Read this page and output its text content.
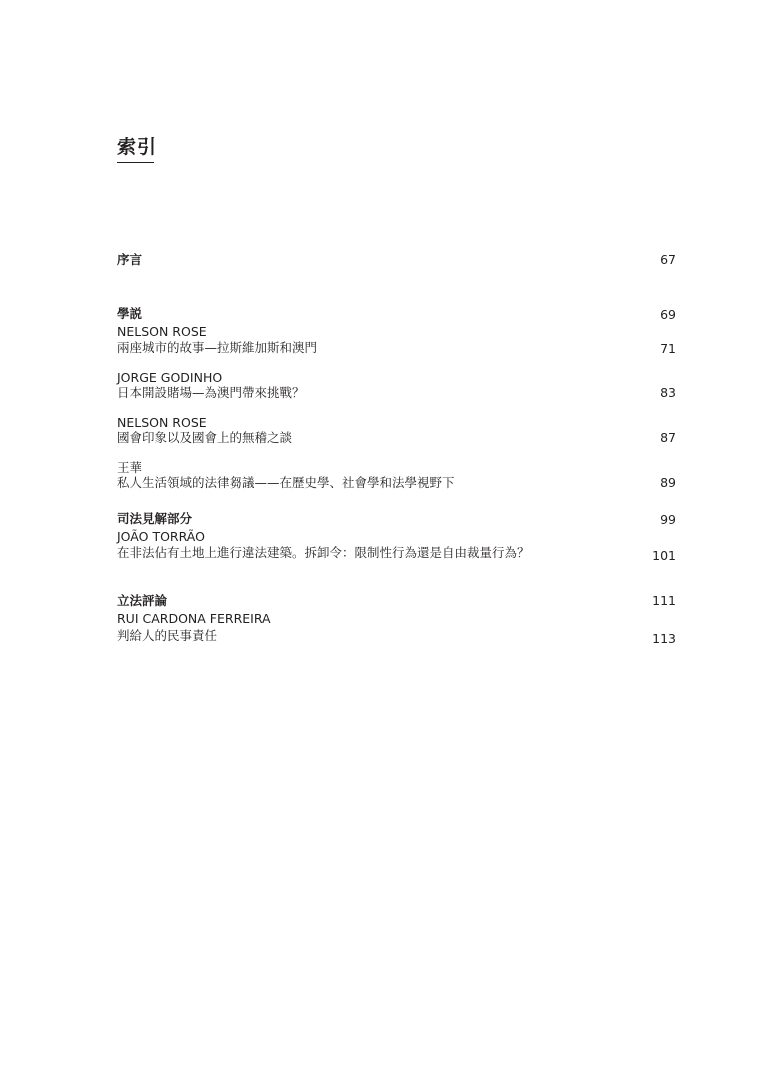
索引
序言	67
學説	69
NELSON ROSE
兩座城市的故事—拉斯維加斯和澳門	71
JORGE GODINHO
日本開設賭場—為澳門帶來挑戰？	83
NELSON ROSE
國會印象以及國會上的無稽之談	87
王華
私人生活領域的法律芻議——在歷史學、社會學和法學視野下	89
司法見解部分	99
JOÃO TORRÃO
在非法佔有土地上進行違法建築。拆卸令：限制性行為還是自由裁量行為？	101
立法評論	111
RUI CARDONA FERREIRA
判給人的民事責任	113
